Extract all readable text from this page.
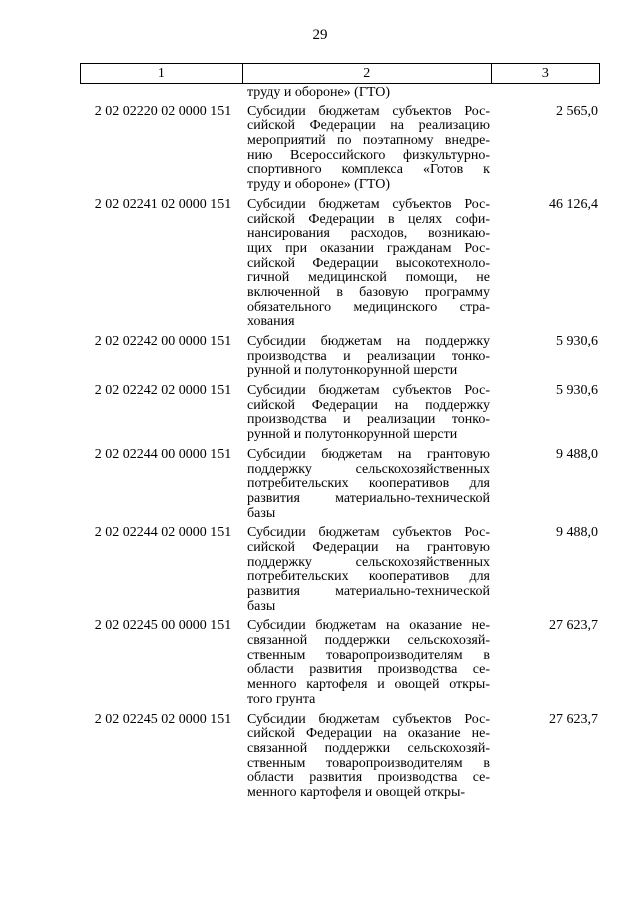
29
1	2	3
труду и обороне» (ГТО)
2 02 02220 02 0000 151	Субсидии бюджетам субъектов Рос-
сийской Федерации на реализацию
мероприятий по поэтапному внедре-
нию Всероссийского физкультурно-
спортивного комплекса «Готов к
труду и обороне» (ГТО)
2 565,0
2 02 02241 02 0000 151	Субсидии бюджетам субъектов Рос-
сийской Федерации в целях софи-
нансирования расходов, возникаю-
щих при оказании гражданам Рос-
сийской Федерации высокотехноло-
гичной медицинской помощи, не
включенной в базовую программу
обязательного медицинского стра-
хования
46 126,4
2 02 02242 00 0000 151	Субсидии бюджетам на поддержку
производства и реализации тонко-
рунной и полутонкорунной шерсти
5 930,6
2 02 02242 02 0000 151	Субсидии бюджетам субъектов Рос-
сийской Федерации на поддержку
производства и реализации тонко-
рунной и полутонкорунной шерсти
5 930,6
2 02 02244 00 0000 151	Субсидии бюджетам на грантовую
поддержку сельскохозяйственных
потребительских кооперативов для
развития материально-технической
базы
9 488,0
2 02 02244 02 0000 151	Субсидии бюджетам субъектов Рос-
сийской Федерации на грантовую
поддержку сельскохозяйственных
потребительских кооперативов для
развития материально-технической
базы
9 488,0
2 02 02245 00 0000 151	Субсидии бюджетам на оказание не-
связанной поддержки сельскохозяй-
ственным товаропроизводителям в
области развития производства се-
менного картофеля и овощей откры-
того грунта
27 623,7
2 02 02245 02 0000 151	Субсидии бюджетам субъектов Рос-
сийской Федерации на оказание не-
связанной поддержки сельскохозяй-
ственным товаропроизводителям в
области развития производства се-
менного картофеля и овощей откры-
27 623,7
